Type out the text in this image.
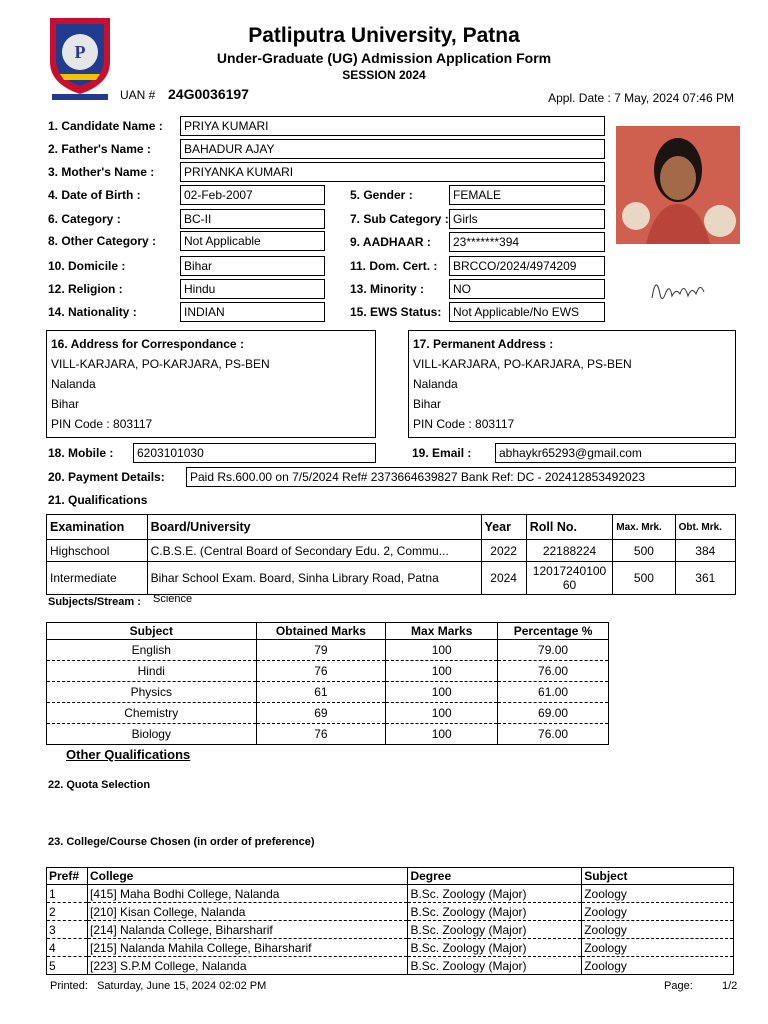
P
Patliputra University, Patna
Under-Graduate (UG) Admission Application Form
SESSION 2024
UAN # 24G0036197	Appl. Date : 7 May, 2024 07:46 PM
1. Candidate Name :	PRIYA KUMARI
2. Father's Name :	BAHADUR AJAY
3. Mother's Name :	PRIYANKA KUMARI
4. Date of Birth :	02-Feb-2007	5. Gender :	FEMALE
6. Category :	BC-II	7. Sub Category : Girls
8. Other Category :	Not Applicable	9. AADHAAR :	23*******394
10. Domicile :	Bihar	11. Dom. Cert. :	BRCCO/2024/4974209
12. Religion :	Hindu	13. Minority :	NO
14. Nationality :	INDIAN	15. EWS Status: Not Applicable/No EWS
16. Address for Correspondance :
VILL-KARJARA, PO-KARJARA, PS-BEN
Nalanda
Bihar
PIN Code : 803117
17. Permanent Address :
VILL-KARJARA, PO-KARJARA, PS-BEN
Nalanda
Bihar
PIN Code : 803117
18. Mobile :	6203101030	19. Email :	abhaykr65293@gmail.com
20. Payment Details:	Paid Rs.600.00 on 7/5/2024 Ref# 2373664639827 Bank Ref: DC - 202412853492023
21. Qualifications
Examination	Board/University	Year	Roll No.	Max. Mrk.	Obt. Mrk.
Highschool	C.B.S.E. (Central Board of Secondary Edu. 2, Commu...	2022	22188224	500	384
Intermediate	Bihar School Exam. Board, Sinha Library Road, Patna	2024	12017240100 60	500	361
Subjects/Stream : Science
Subject	Obtained Marks	Max Marks	Percentage %
English	79	100	79.00
Hindi	76	100	76.00
Physics	61	100	61.00
Chemistry	69	100	69.00
Biology	76	100	76.00
Other Qualifications
22. Quota Selection
23. College/Course Chosen (in order of preference)
Pref#	College	Degree	Subject
1	[415] Maha Bodhi College, Nalanda	B.Sc. Zoology (Major)	Zoology
2	[210] Kisan College, Nalanda	B.Sc. Zoology (Major)	Zoology
3	[214] Nalanda College, Biharsharif	B.Sc. Zoology (Major)	Zoology
4	[215] Nalanda Mahila College, Biharsharif	B.Sc. Zoology (Major)	Zoology
5	[223] S.P.M College, Nalanda	B.Sc. Zoology (Major)	Zoology
Printed:   Saturday, June 15, 2024 02:02 PM	Page:	1/2
